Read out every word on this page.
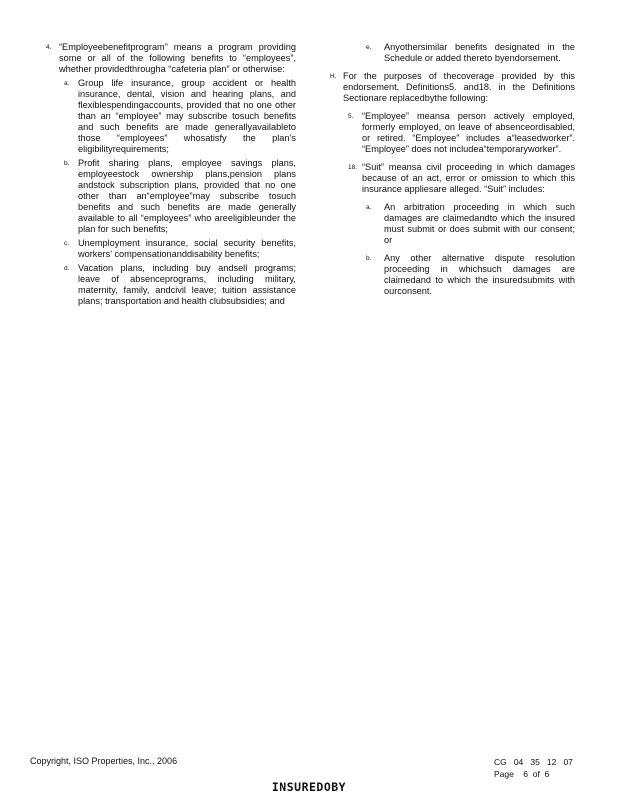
4. “Employeebenefitprogram” means a program providing some or all of the following benefits to “employees”, whether providedthrougha “cafeteria plan” or otherwise:
a. Group life insurance, group accident or health insurance, dental, vision and hearing plans, and flexiblespendingaccounts, provided that no one other than an “employee” may subscribe tosuch benefits and such benefits are made generallyavailableto those “employees” whosatisfy the plan’s eligibilityrequirements;
b. Profit sharing plans, employee savings plans, employeestock ownership plans,pension plans andstock subscription plans, provided that no one other than an“employee”may subscribe tosuch benefits and such benefits are made generally available to all “employees” who areeligibleunder the plan for such benefits;
c. Unemployment insurance, social security benefits, workers’ compensationanddisability benefits;
d. Vacation plans, including buy andsell programs; leave of absenceprograms, including military, maternity, family, andcivil leave; tuition assistance plans; transportation and health clubsubsidies; and
e. Anyothersimilar benefits designated in the Schedule or added thereto byendorsement.
H. For the purposes of thecoverage provided by this endorsement, Definitions5. and18. in the Definitions Sectionare replacedbythe following:
5. “Employee” meansa person actively employed, formerly employed, on leave of absenceordisabled, or retired. “Employee” includes a“leasedworker”. “Employee” does not includea“temporaryworker”.
18. “Suit” meansa civil proceeding in which damages because of an act, error or omission to which this insurance appliesare alleged. “Suit” includes:
a. An arbitration proceeding in which such damages are claimedandto which the insured must submit or does submit with our consent; or
b. Any other alternative dispute resolution proceeding in whichsuch damages are claimedand to which the insuredsubmits with ourconsent.
Copyright, ISO Properties, Inc., 2006	CG   04   35   12   07
Page    6  of  6
INSUREDOBY
